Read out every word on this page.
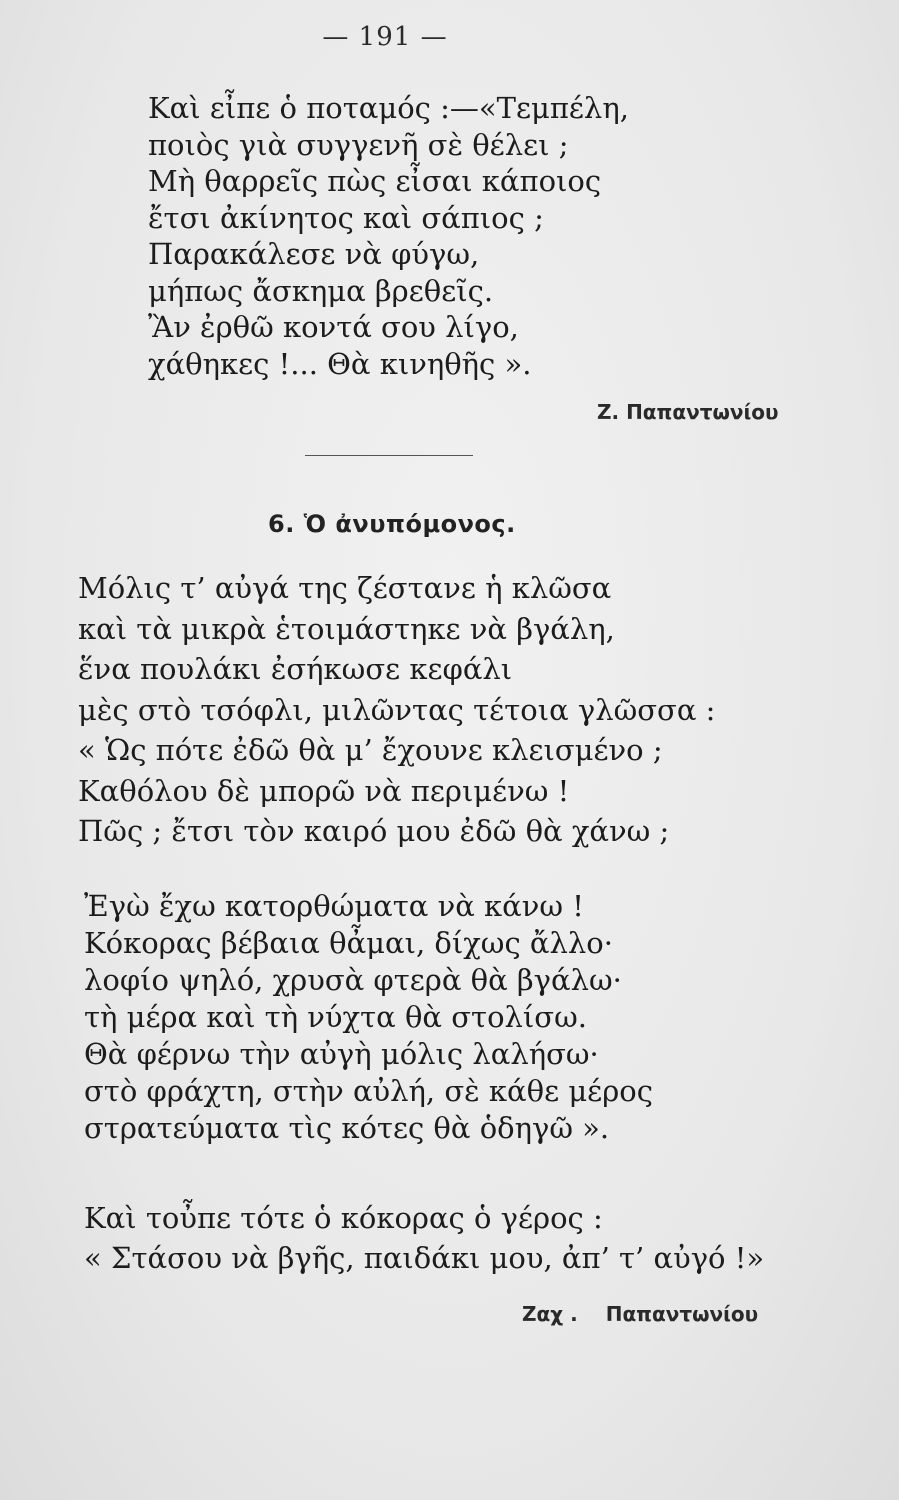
— 191 —
Καὶ εἶπε ὁ ποταμός :—«Τεμπέλη,
ποιὸς γιὰ συγγενῆ σὲ θέλει ;
Μὴ θαρρεῖς πὼς εἶσαι κάποιος
ἔτσι ἀκίνητος καὶ σάπιος ;
Παρακάλεσε νὰ φύγω,
μήπως ἄσκημα βρεθεῖς.
Ἂν ἐρθῶ κοντά σου λίγο,
χάθηκες !... Θὰ κινηθῆς ».
Ζ. Παπαντωνίου
6. Ὁ ἀνυπόμονος.
Μόλις τ’ αὐγά της ζέστανε ἡ κλῶσα
καὶ τὰ μικρὰ ἑτοιμάστηκε νὰ βγάλη,
ἕνα πουλάκι ἐσήκωσε κεφάλι
μὲς στὸ τσόφλι, μιλῶντας τέτοια γλῶσσα :
« Ὡς πότε ἐδῶ θὰ μ’ ἔχουνε κλεισμένο ;
Καθόλου δὲ μπορῶ νὰ περιμένω !
Πῶς ; ἔτσι τὸν καιρό μου ἐδῶ θὰ χάνω ;
Ἐγὼ ἔχω κατορθώματα νὰ κάνω !
Κόκορας βέβαια θἆμαι, δίχως ἄλλο·
λοφίο ψηλό, χρυσὰ φτερὰ θὰ βγάλω·
τὴ μέρα καὶ τὴ νύχτα θὰ στολίσω.
Θὰ φέρνω τὴν αὐγὴ μόλις λαλήσω·
στὸ φράχτη, στὴν αὐλή, σὲ κάθε μέρος
στρατεύματα τὶς κότες θὰ ὁδηγῶ ».
Καὶ τοὖπε τότε ὁ κόκορας ὁ γέρος :
« Στάσου νὰ βγῆς, παιδάκι μου, ἀπ’ τ’ αὐγό !»
Ζαχ . Παπαντωνίου
